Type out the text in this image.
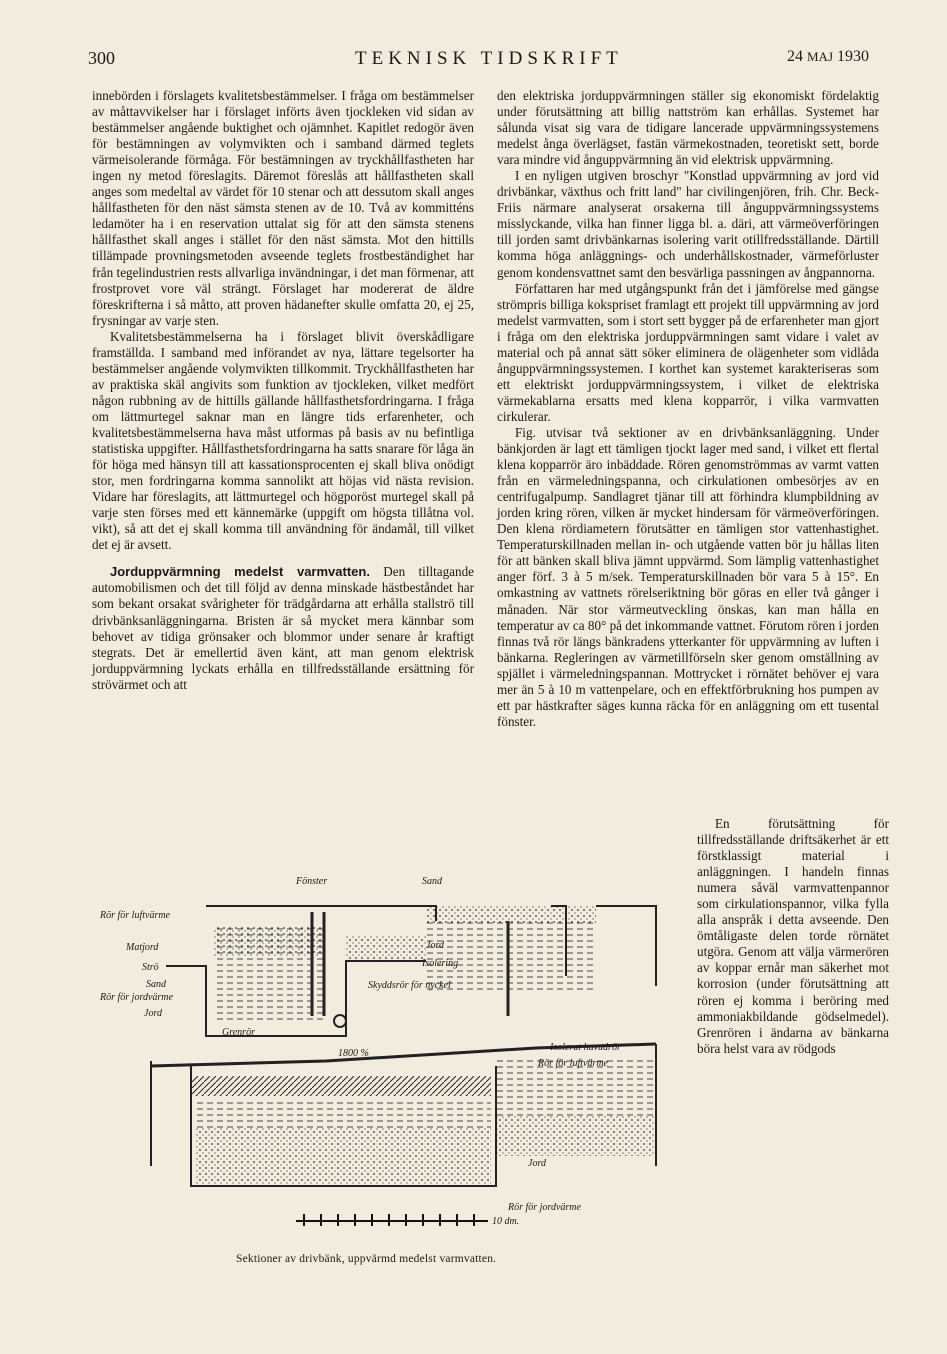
300	TEKNISK TIDSKRIFT	24 MAJ 1930

innebörden i förslagets kvalitetsbestämmelser. I fråga om bestämmelser av måttavvikelser har i förslaget införts även tjockleken vid sidan av bestämmelser angående buktighet och ojämnhet. Kapitlet redogör även för bestämningen av volymvikten och i samband därmed teglets värmeisolerande förmåga. För bestämningen av tryckhållfastheten har ingen ny metod föreslagits. Däremot föreslås att hållfastheten skall anges som medeltal av värdet för 10 stenar och att dessutom skall anges hållfastheten för den näst sämsta stenen av de 10. Två av kommitténs ledamöter ha i en reservation uttalat sig för att den sämsta stenens hållfasthet skall anges i stället för den näst sämsta. Mot den hittills tillämpade provningsmetoden avseende teglets frostbeständighet har från tegelindustrien rests allvarliga invändningar, i det man förmenar, att frostprovet vore väl strängt. Förslaget har modererat de äldre föreskrifterna i så måtto, att proven hädanefter skulle omfatta 20, ej 25, frysningar av varje sten.

Kvalitetsbestämmelserna ha i förslaget blivit överskådligare framställda. I samband med införandet av nya, lättare tegelsorter ha bestämmelser angående volymvikten tillkommit. Tryckhållfastheten har av praktiska skäl angivits som funktion av tjockleken, vilket medfört någon rubbning av de hittills gällande hållfasthetsfordringarna. I fråga om lättmurtegel saknar man en längre tids erfarenheter, och kvalitetsbestämmelserna hava måst utformas på basis av nu befintliga statistiska uppgifter. Hållfasthetsfordringarna ha satts snarare för låga än för höga med hänsyn till att kassationsprocenten ej skall bliva onödigt stor, men fordringarna komma sannolikt att höjas vid nästa revision. Vidare har föreslagits, att lättmurtegel och högporöst murtegel skall på varje sten förses med ett kännemärke (uppgift om högsta tillåtna vol. vikt), så att det ej skall komma till användning för ändamål, till vilket det ej är avsett.

Jorduppvärmning medelst varmvatten. Den tilltagande automobilismen och det till följd av denna minskade hästbeståndet har som bekant orsakat svårigheter för trädgårdarna att erhålla stallströ till drivbänksanläggningarna. Bristen är så mycket mera kännbar som behovet av tidiga grönsaker och blommor under senare år kraftigt stegrats. Det är emellertid även känt, att man genom elektrisk jorduppvärmning lyckats erhålla en tillfredsställande ersättning för strövärmet och att

den elektriska jorduppvärmningen ställer sig ekonomiskt fördelaktig under förutsättning att billig nattström kan erhållas. Systemet har sålunda visat sig vara de tidigare lancerade uppvärmningssystemens medelst ånga överlägset, fastän värmekostnaden, teoretiskt sett, borde vara mindre vid ånguppvärmning än vid elektrisk uppvärmning.

I en nyligen utgiven broschyr "Konstlad uppvärmning av jord vid drivbänkar, växthus och fritt land" har civilingenjören, frih. Chr. Beck-Friis närmare analyserat orsakerna till ånguppvärmningssystems misslyckande, vilka han finner ligga bl. a. däri, att värmeöverföringen till jorden samt drivbänkarnas isolering varit otillfredsställande. Därtill komma höga anläggnings- och underhållskostnader, värmeförluster genom kondensvattnet samt den besvärliga passningen av ångpannorna.

Författaren har med utgångspunkt från det i jämförelse med gängse strömpris billiga kokspriset framlagt ett projekt till uppvärmning av jord medelst varmvatten, som i stort sett bygger på de erfarenheter man gjort i fråga om den elektriska jorduppvärmningen samt vidare i valet av material och på annat sätt söker eliminera de olägenheter som vidlåda ånguppvärmningssystemen. I korthet kan systemet karakteriseras som ett elektriskt jorduppvärmningssystem, i vilket de elektriska värmekablarna ersatts med klena kopparrör, i vilka varmvatten cirkulerar.

Fig. utvisar två sektioner av en drivbänksanläggning. Under bänkjorden är lagt ett tämligen tjockt lager med sand, i vilket ett flertal klena kopparrör äro inbäddade. Rören genomströmmas av varmt vatten från en värmeledningspanna, och cirkulationen ombesörjes av en centrifugalpump. Sandlagret tjänar till att förhindra klumpbildning av jorden kring rören, vilken är mycket hindersam för värmeöverföringen. Den klena rördiametern förutsätter en tämligen stor vattenhastighet. Temperaturskillnaden mellan in- och utgående vatten bör ju hållas liten för att bänken skall bliva jämnt uppvärmd. Som lämplig vattenhastighet anger förf. 3 à 5 m/sek. Temperaturskillnaden bör vara 5 à 15°. En omkastning av vattnets rörelseriktning bör göras en eller två gånger i månaden. När stor värmeutveckling önskas, kan man hålla en temperatur av ca 80° på det inkommande vattnet. Förutom rören i jorden finnas två rör längs bänkradens ytterkanter för uppvärmning av luften i bänkarna. Regleringen av värmetillförseln sker genom omställning av spjället i värmeledningspannan. Mottrycket i rörnätet behöver ej vara mer än 5 à 10 m vattenpelare, och en effektförbrukning hos pumpen av ett par hästkrafter säges kunna räcka för en anläggning om ett tusental fönster.

En förutsättning för tillfredsställande driftsäkerhet är ett förstklassigt material i anläggningen. I handeln finnas numera såväl varmvattenpannor som cirkulationspannor, vilka fylla alla anspråk i detta avseende. Den ömtåligaste delen torde rörnätet utgöra. Genom att välja värmerören av koppar ernår man säkerhet mot korrosion (under förutsättning att rören ej komma i beröring med ammoniakbildande gödselmedel). Grenrören i ändarna av bänkarna böra helst vara av rödgods

Fönster	Sand
Rör för luftvärme
Matjord
Strö
Sand
Rör för jordvärme
Jord
Grenrör
Jord
Isolering
Skyddsrör för nyckel
1800 %
Isolerat huvudrör
Rör för luftvärme
Jord
Rör för jordvärme
10 dm.
Sektioner av drivbänk, uppvärmd medelst varmvatten.
